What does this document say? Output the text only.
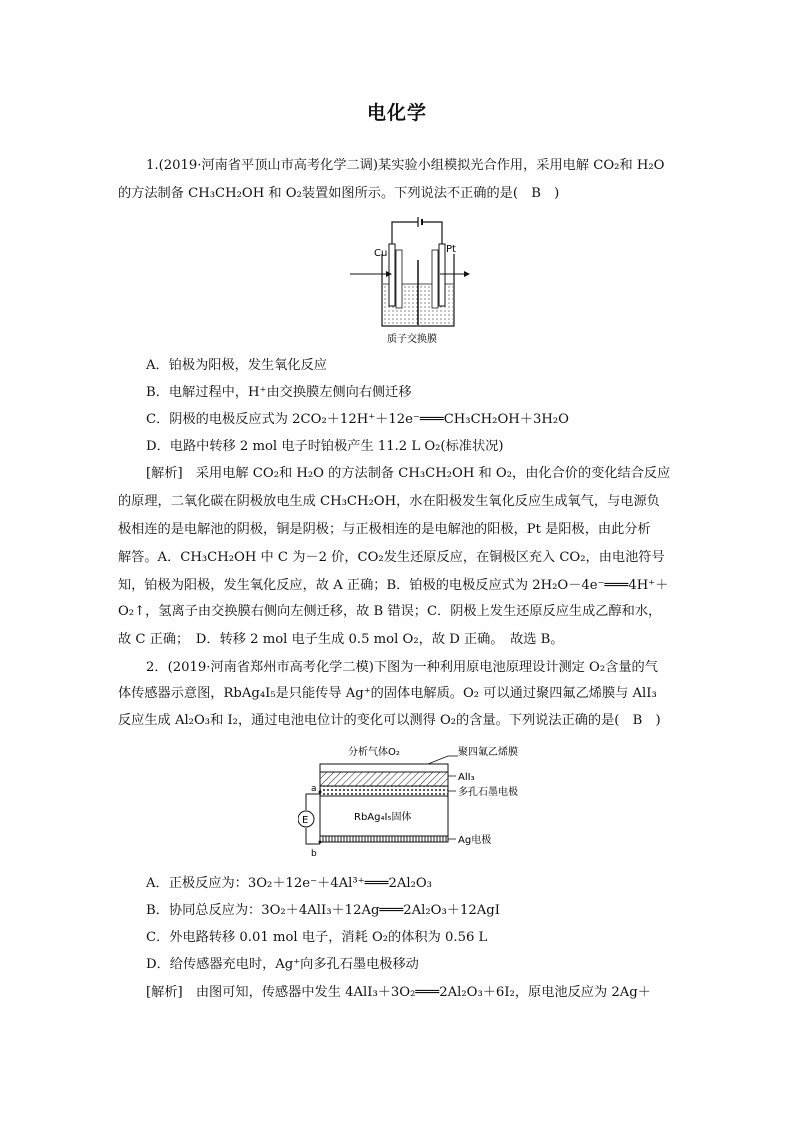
电化学
1.(2019·河南省平顶山市高考化学二调)某实验小组模拟光合作用，采用电解 CO₂和 H₂O
的方法制备 CH₃CH₂OH 和 O₂装置如图所示。下列说法不正确的是(　B　)
Cu	Pt
质子交换膜
A．铂极为阳极，发生氧化反应
B．电解过程中，H⁺由交换膜左侧向右侧迁移
C．阴极的电极反应式为 2CO₂＋12H⁺＋12e⁻═══CH₃CH₂OH＋3H₂O
D．电路中转移 2 mol 电子时铂极产生 11.2 L O₂(标准状况)
[解析]　采用电解 CO₂和 H₂O 的方法制备 CH₃CH₂OH 和 O₂，由化合价的变化结合反应
的原理，二氧化碳在阴极放电生成 CH₃CH₂OH，水在阳极发生氧化反应生成氧气，与电源负
极相连的是电解池的阴极，铜是阴极；与正极相连的是电解池的阳极，Pt 是阳极，由此分析
解答。A．CH₃CH₂OH 中 C 为－2 价，CO₂发生还原反应，在铜极区充入 CO₂，由电池符号
知，铂极为阳极，发生氧化反应，故 A 正确；B．铂极的电极反应式为 2H₂O－4e⁻═══4H⁺＋
O₂↑，氢离子由交换膜右侧向左侧迁移，故 B 错误；C．阴极上发生还原反应生成乙醇和水，
故 C 正确；　D．转移 2 mol 电子生成 0.5 mol O₂，故 D 正确。　故选 B。
2．(2019·河南省郑州市高考化学二模)下图为一种利用原电池原理设计测定 O₂含量的气
体传感器示意图，RbAg₄I₅是只能传导 Ag⁺的固体电解质。O₂ 可以通过聚四氟乙烯膜与 AlI₃
反应生成 Al₂O₃和 I₂，通过电池电位计的变化可以测得 O₂的含量。下列说法正确的是(　B　)
分析气体O₂	聚四氟乙烯膜
AlI₃
多孔石墨电极
RbAg₄I₅固体
Ag电极
E
a
b
A．正极反应为：3O₂＋12e⁻＋4Al³⁺═══2Al₂O₃
B．协同总反应为：3O₂＋4AlI₃＋12Ag═══2Al₂O₃＋12AgI
C．外电路转移 0.01 mol 电子，消耗 O₂的体积为 0.56 L
D．给传感器充电时，Ag⁺向多孔石墨电极移动
[解析]　由图可知，传感器中发生 4AlI₃＋3O₂═══2Al₂O₃＋6I₂，原电池反应为 2Ag＋
